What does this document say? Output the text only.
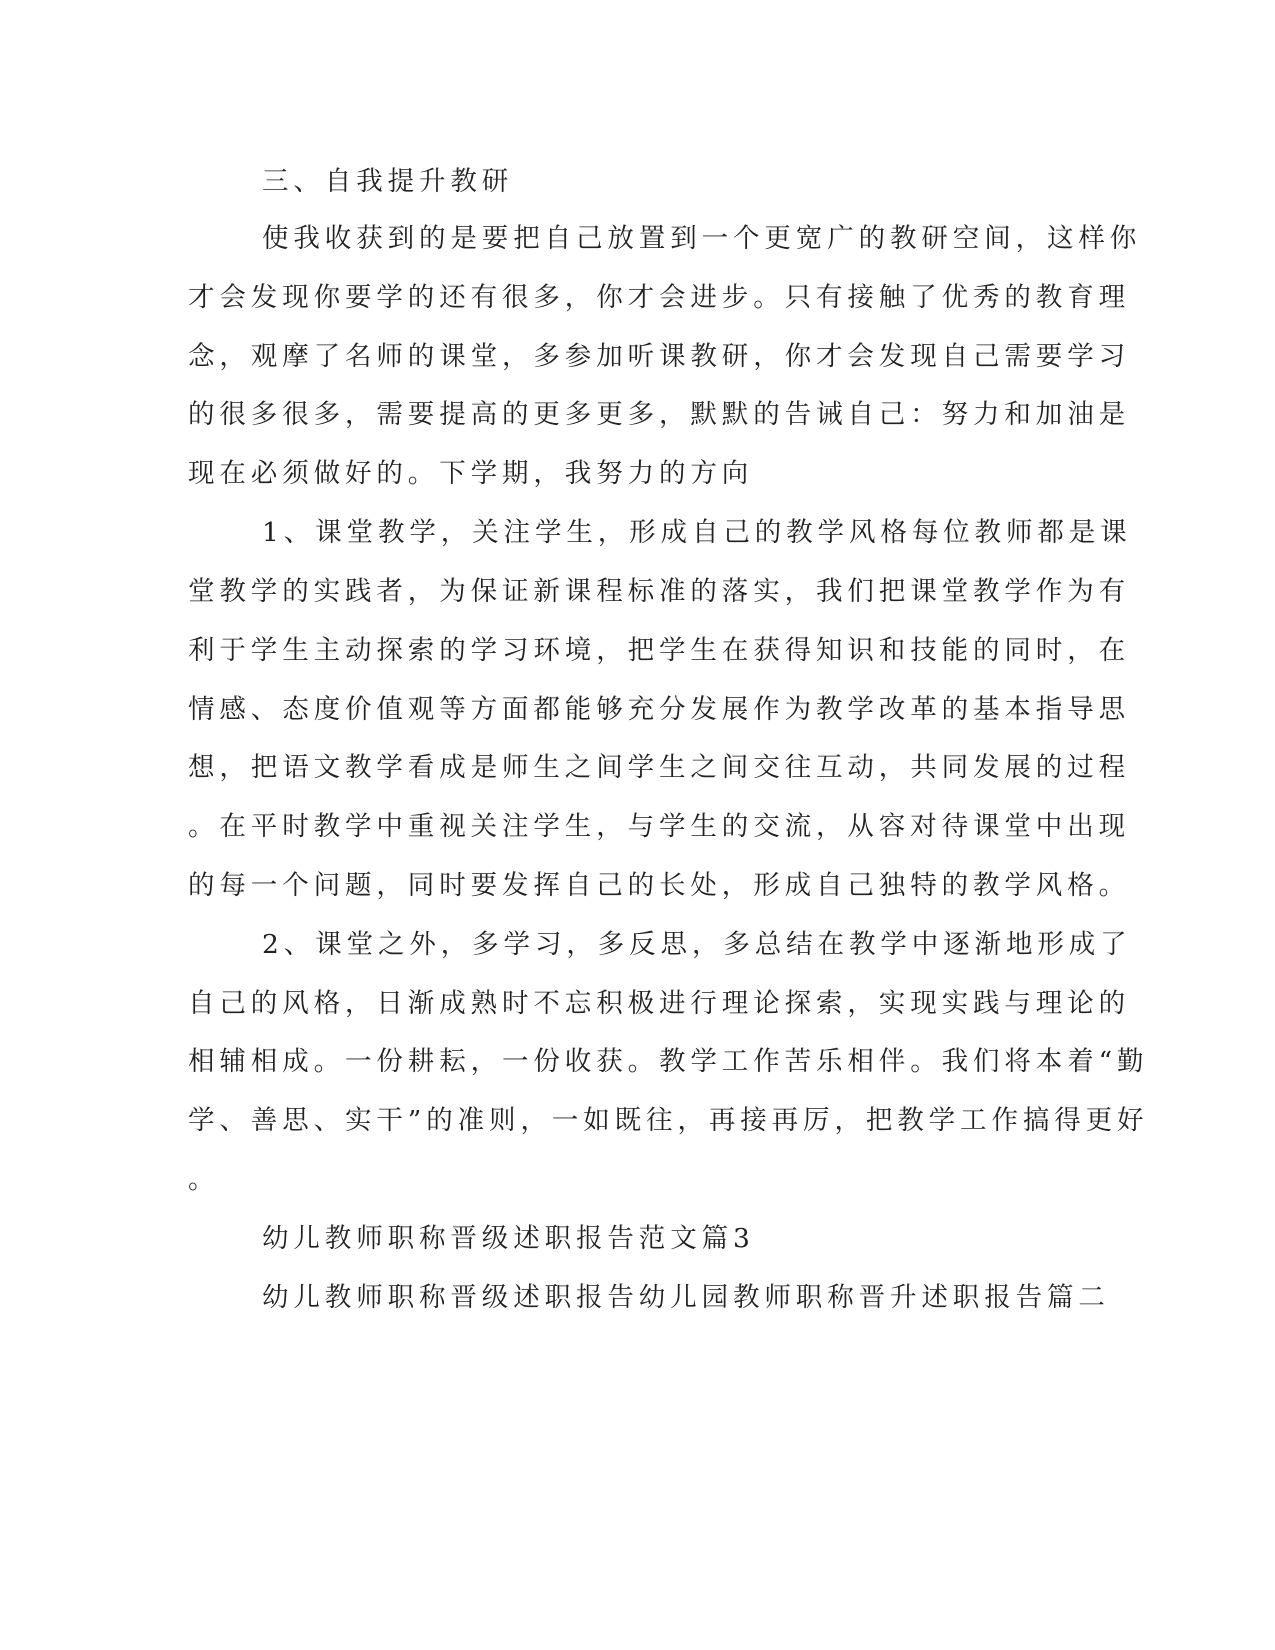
三、自我提升教研

使我收获到的是要把自己放置到一个更宽广的教研空间，这样你

才会发现你要学的还有很多，你才会进步。只有接触了优秀的教育理

念，观摩了名师的课堂，多参加听课教研，你才会发现自己需要学习

的很多很多，需要提高的更多更多，默默的告诫自己：努力和加油是

现在必须做好的。下学期，我努力的方向

1、课堂教学，关注学生，形成自己的教学风格每位教师都是课

堂教学的实践者，为保证新课程标准的落实，我们把课堂教学作为有

利于学生主动探索的学习环境，把学生在获得知识和技能的同时，在

情感、态度价值观等方面都能够充分发展作为教学改革的基本指导思

想，把语文教学看成是师生之间学生之间交往互动，共同发展的过程

。在平时教学中重视关注学生，与学生的交流，从容对待课堂中出现

的每一个问题，同时要发挥自己的长处，形成自己独特的教学风格。

2、课堂之外，多学习，多反思，多总结在教学中逐渐地形成了

自己的风格，日渐成熟时不忘积极进行理论探索，实现实践与理论的

相辅相成。一份耕耘，一份收获。教学工作苦乐相伴。我们将本着“勤

学、善思、实干”的准则，一如既往，再接再厉，把教学工作搞得更好

。

幼儿教师职称晋级述职报告范文篇3

幼儿教师职称晋级述职报告幼儿园教师职称晋升述职报告篇二
